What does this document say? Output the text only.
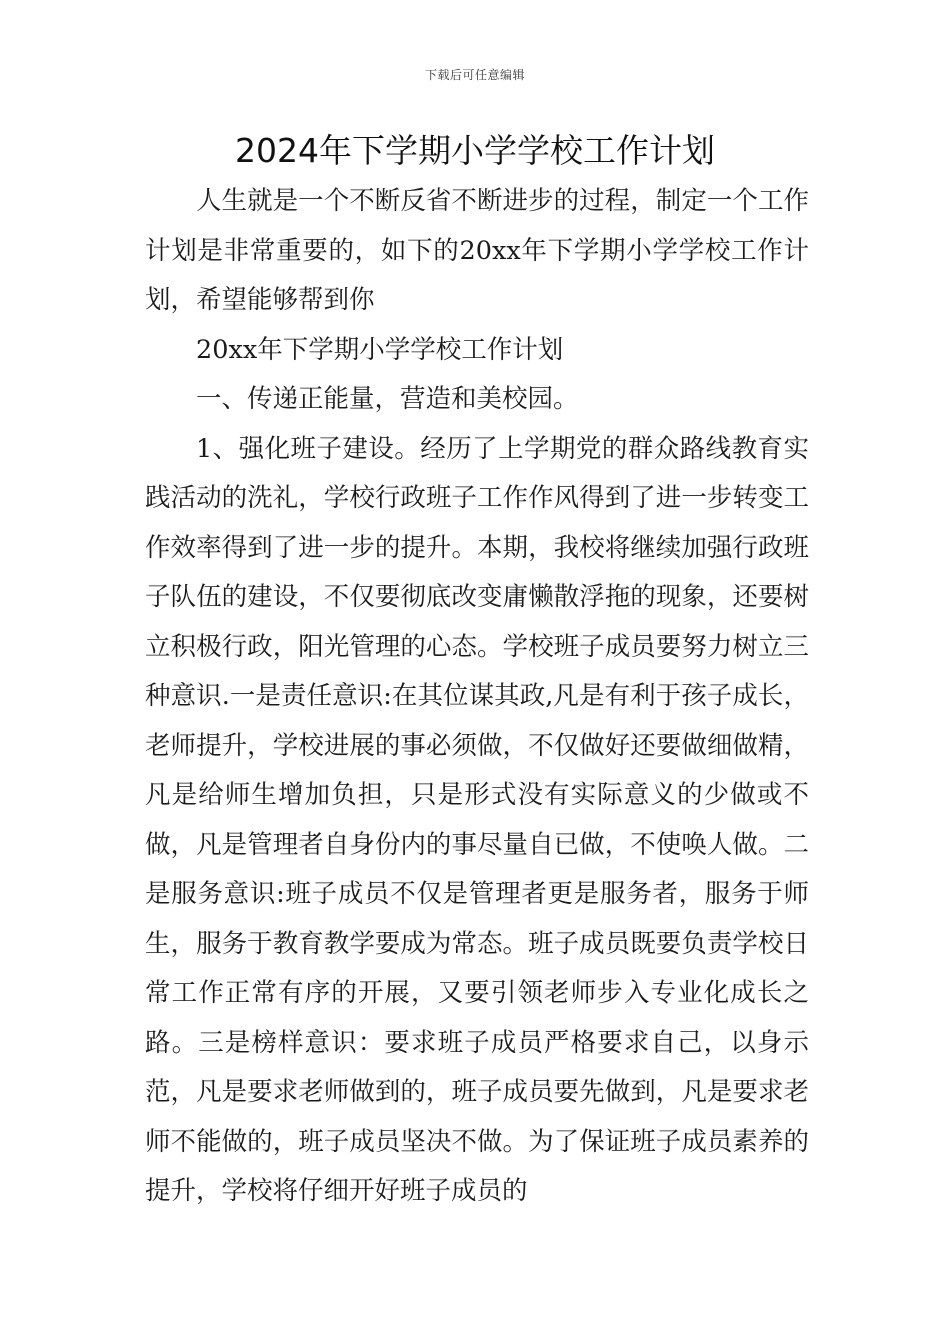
下载后可任意编辑
2024年下学期小学学校工作计划

人生就是一个不断反省不断进步的过程，制定一个工作计划是非常重要的，如下的20xx年下学期小学学校工作计划，希望能够帮到你

20xx年下学期小学学校工作计划

一、传递正能量，营造和美校园。

1、强化班子建设。经历了上学期党的群众路线教育实践活动的洗礼，学校行政班子工作作风得到了进一步转变工作效率得到了进一步的提升。本期，我校将继续加强行政班子队伍的建设，不仅要彻底改变庸懒散浮拖的现象，还要树立积极行政，阳光管理的心态。学校班子成员要努力树立三种意识.一是责任意识:在其位谋其政,凡是有利于孩子成长，老师提升，学校进展的事必须做，不仅做好还要做细做精，凡是给师生增加负担，只是形式没有实际意义的少做或不做，凡是管理者自身份内的事尽量自已做，不使唤人做。二是服务意识:班子成员不仅是管理者更是服务者，服务于师生，服务于教育教学要成为常态。班子成员既要负责学校日常工作正常有序的开展，又要引领老师步入专业化成长之路。三是榜样意识：要求班子成员严格要求自己，以身示范，凡是要求老师做到的，班子成员要先做到，凡是要求老师不能做的，班子成员坚决不做。为了保证班子成员素养的提升，学校将仔细开好班子成员的
